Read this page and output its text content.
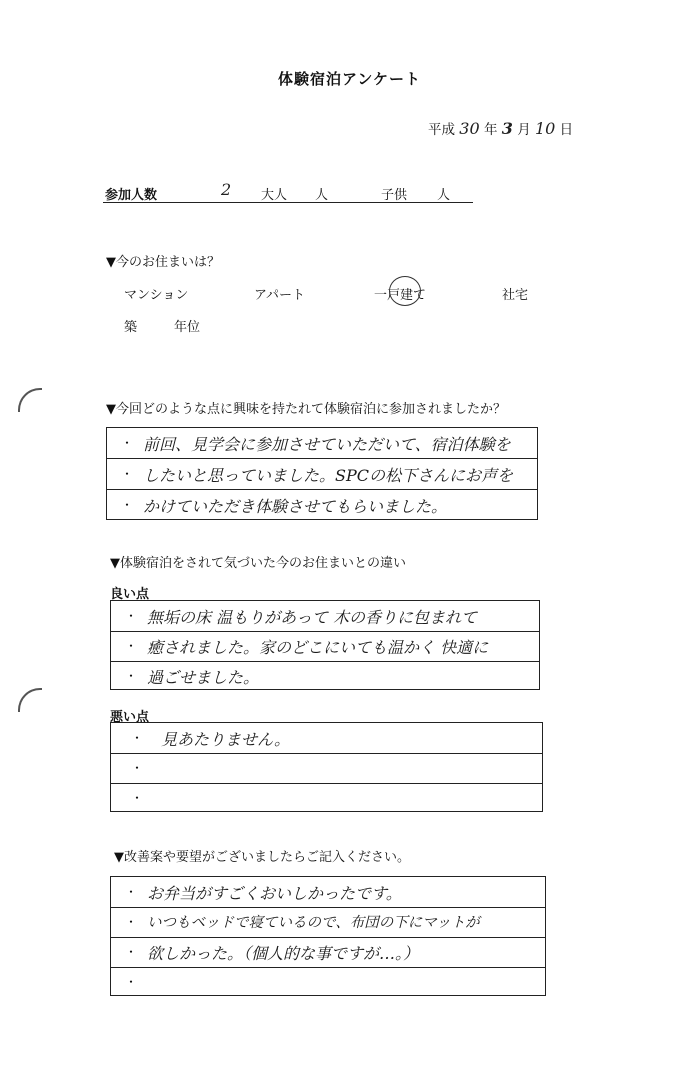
体験宿泊アンケート
平成 30 年 3 月 10 日
参加人数	2 大人 人	子供 人
▼今のお住まいは？
マンション	アパート	一戸建て	社宅
築	年位
▼今回どのような点に興味を持たれて体験宿泊に参加されましたか？
・ 前回、見学会に参加させていただいて、宿泊体験を
・ したいと思っていました。SPCの松下さんにお声を
・ かけていただき体験させてもらいました。
▼体験宿泊をされて気づいた今のお住まいとの違い
良い点
・ 無垢の床 温もりがあって 木の香りに包まれて
・ 癒されました。家のどこにいても温かく 快適に
・ 過ごせました。
悪い点
・ 見あたりません。
・
・
▼改善案や要望がございましたらご記入ください。
・ お弁当がすごくおいしかったです。
・ いつもベッドで寝ているので、布団の下にマットが
・ 欲しかった。（個人的な事ですが…。）
・
